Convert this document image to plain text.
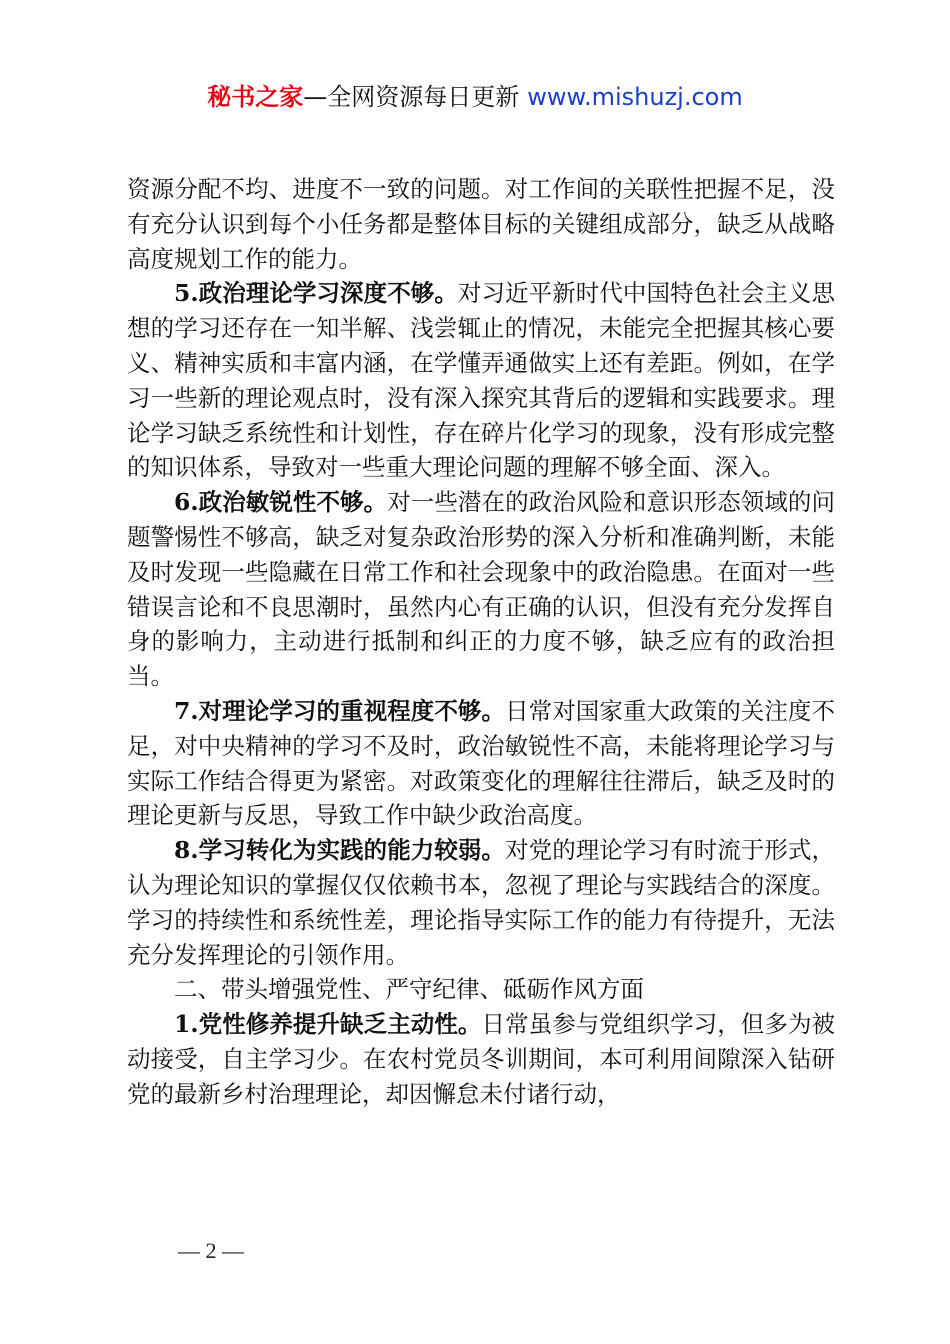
秘书之家—全网资源每日更新 www.mishuzj.com

资源分配不均、进度不一致的问题。对工作间的关联性把握不足，没有充分认识到每个小任务都是整体目标的关键组成部分，缺乏从战略高度规划工作的能力。

5.政治理论学习深度不够。对习近平新时代中国特色社会主义思想的学习还存在一知半解、浅尝辄止的情况，未能完全把握其核心要义、精神实质和丰富内涵，在学懂弄通做实上还有差距。例如，在学习一些新的理论观点时，没有深入探究其背后的逻辑和实践要求。理论学习缺乏系统性和计划性，存在碎片化学习的现象，没有形成完整的知识体系，导致对一些重大理论问题的理解不够全面、深入。

6.政治敏锐性不够。对一些潜在的政治风险和意识形态领域的问题警惕性不够高，缺乏对复杂政治形势的深入分析和准确判断，未能及时发现一些隐藏在日常工作和社会现象中的政治隐患。在面对一些错误言论和不良思潮时，虽然内心有正确的认识，但没有充分发挥自身的影响力，主动进行抵制和纠正的力度不够，缺乏应有的政治担当。

7.对理论学习的重视程度不够。日常对国家重大政策的关注度不足，对中央精神的学习不及时，政治敏锐性不高，未能将理论学习与实际工作结合得更为紧密。对政策变化的理解往往滞后，缺乏及时的理论更新与反思，导致工作中缺少政治高度。

8.学习转化为实践的能力较弱。对党的理论学习有时流于形式，认为理论知识的掌握仅仅依赖书本，忽视了理论与实践结合的深度。学习的持续性和系统性差，理论指导实际工作的能力有待提升，无法充分发挥理论的引领作用。

二、带头增强党性、严守纪律、砥砺作风方面

1.党性修养提升缺乏主动性。日常虽参与党组织学习，但多为被动接受，自主学习少。在农村党员冬训期间，本可利用间隙深入钻研党的最新乡村治理理论，却因懈怠未付诸行动，

— 2 —
